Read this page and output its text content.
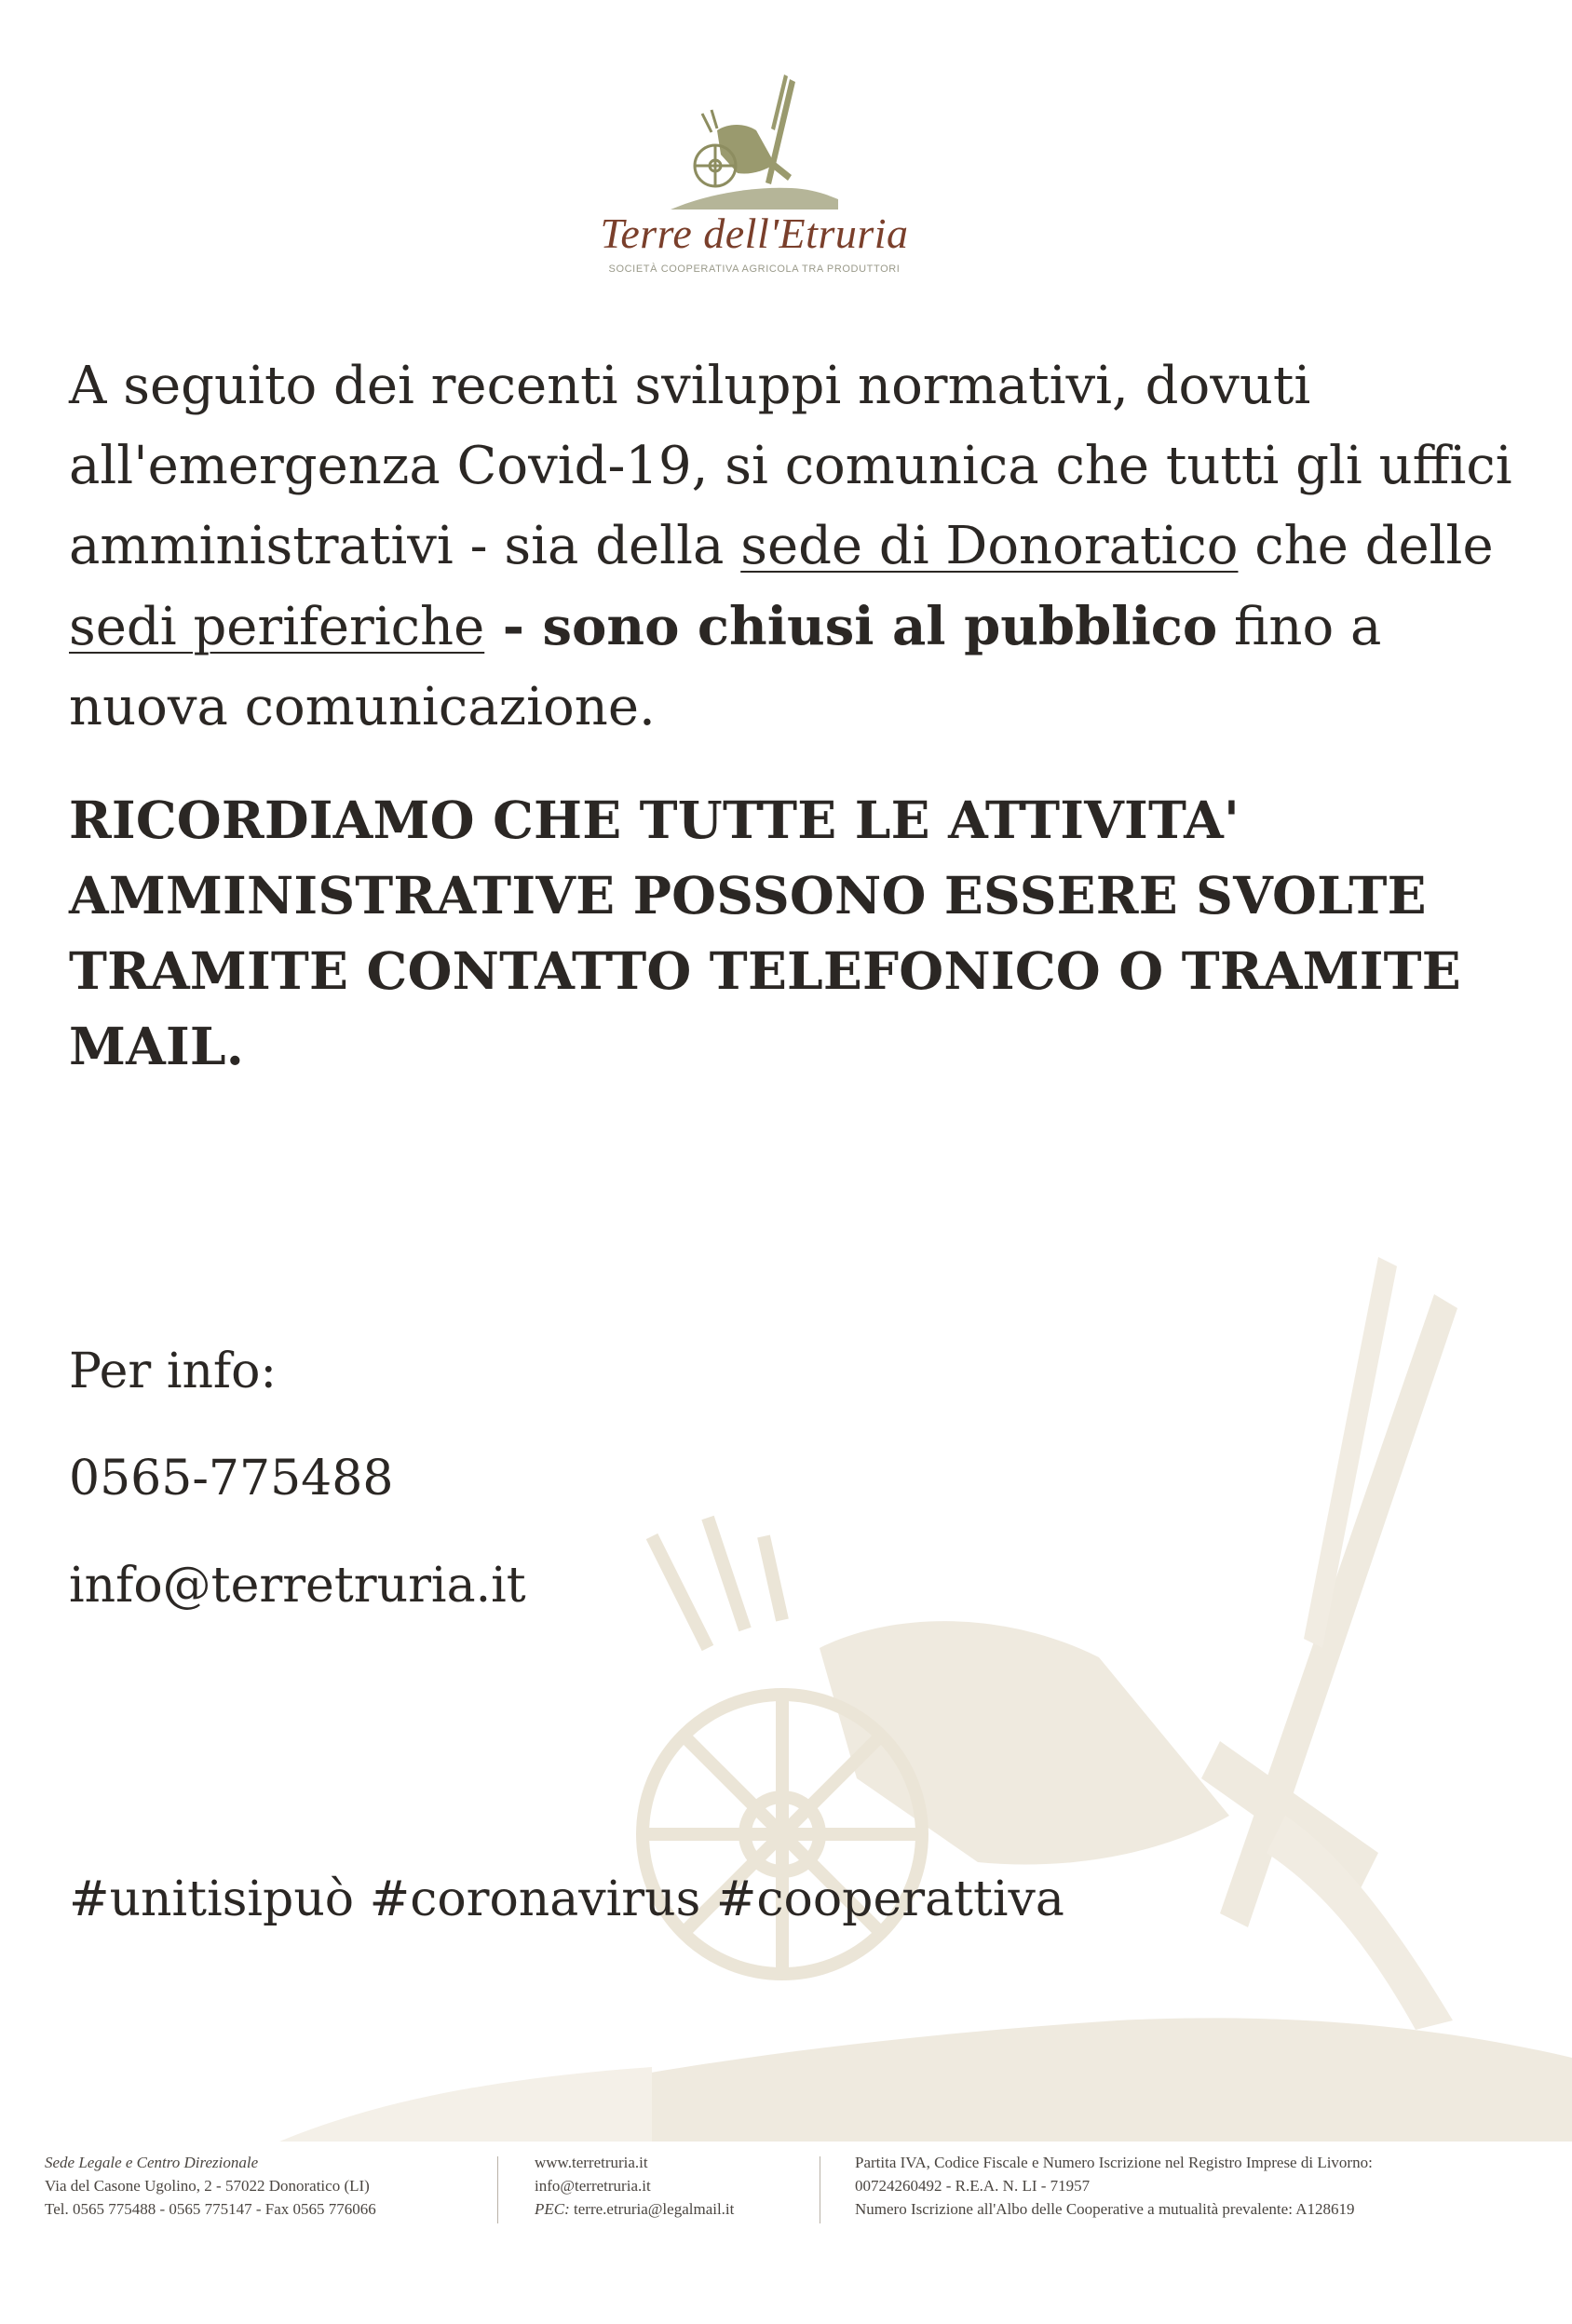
Terre dell'Etruria
SOCIETÀ COOPERATIVA AGRICOLA TRA PRODUTTORI
A seguito dei recenti sviluppi normativi, dovuti all'emergenza Covid-19, si comunica che tutti gli uffici amministrativi - sia della sede di Donoratico che delle sedi periferiche - sono chiusi al pubblico fino a nuova comunicazione.
RICORDIAMO CHE TUTTE LE ATTIVITA' AMMINISTRATIVE POSSONO ESSERE SVOLTE TRAMITE CONTATTO TELEFONICO O TRAMITE MAIL.
Per info:
0565-775488
info@terretruria.it
#unitisipuò #coronavirus #cooperattiva
Sede Legale e Centro Direzionale
Via del Casone Ugolino, 2 - 57022 Donoratico (LI)
Tel. 0565 775488 - 0565 775147 - Fax 0565 776066
www.terretruria.it
info@terretruria.it
PEC: terre.etruria@legalmail.it
Partita IVA, Codice Fiscale e Numero Iscrizione nel Registro Imprese di Livorno:
00724260492 - R.E.A. N. LI - 71957
Numero Iscrizione all'Albo delle Cooperative a mutualità prevalente: A128619
